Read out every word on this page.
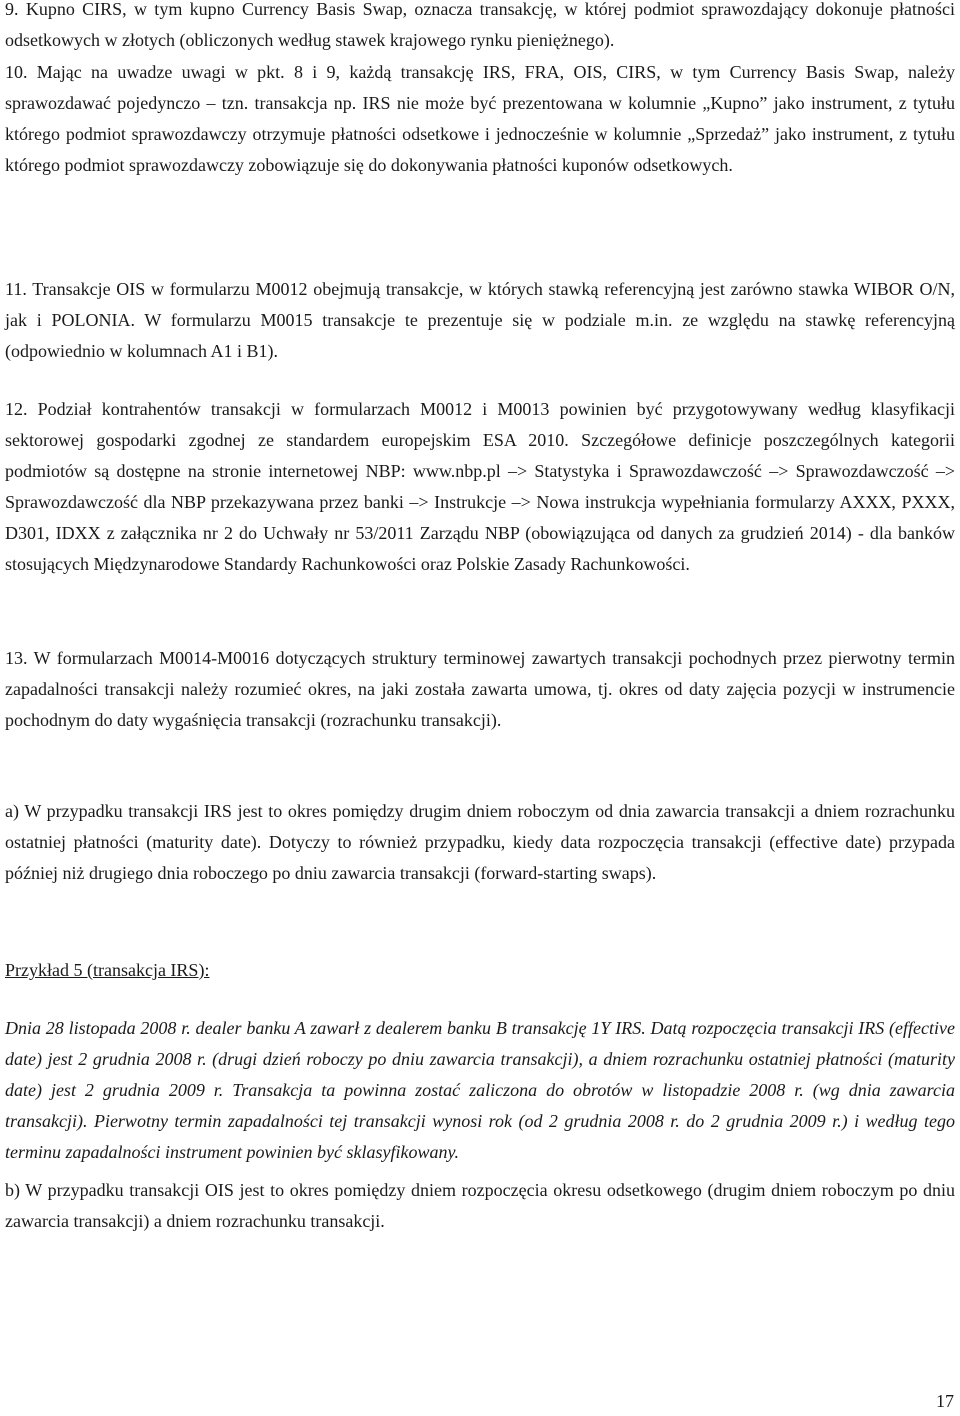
9. Kupno CIRS, w tym kupno Currency Basis Swap, oznacza transakcję, w której podmiot sprawozdający dokonuje płatności odsetkowych w złotych (obliczonych według stawek krajowego rynku pieniężnego).

10. Mając na uwadze uwagi w pkt. 8 i 9, każdą transakcję IRS, FRA, OIS, CIRS, w tym Currency Basis Swap, należy sprawozdawać pojedynczo – tzn. transakcja np. IRS nie może być prezentowana w kolumnie „Kupno” jako instrument, z tytułu którego podmiot sprawozdawczy otrzymuje płatności odsetkowe i jednocześnie w kolumnie „Sprzedaż” jako instrument, z tytułu którego podmiot sprawozdawczy zobowiązuje się do dokonywania płatności kuponów odsetkowych.

11. Transakcje OIS w formularzu M0012 obejmują transakcje, w których stawką referencyjną jest zarówno stawka WIBOR O/N, jak i POLONIA. W formularzu M0015 transakcje te prezentuje się w podziale m.in. ze względu na stawkę referencyjną (odpowiednio w kolumnach A1 i B1).

12. Podział kontrahentów transakcji w formularzach M0012 i M0013 powinien być przygotowywany według klasyfikacji sektorowej gospodarki zgodnej ze standardem europejskim ESA 2010. Szczegółowe definicje poszczególnych kategorii podmiotów są dostępne na stronie internetowej NBP: www.nbp.pl –> Statystyka i Sprawozdawczość –> Sprawozdawczość –> Sprawozdawczość dla NBP przekazywana przez banki –> Instrukcje –> Nowa instrukcja wypełniania formularzy AXXX, PXXX, D301, IDXX z załącznika nr 2 do Uchwały nr 53/2011 Zarządu NBP (obowiązująca od danych za grudzień 2014) - dla banków stosujących Międzynarodowe Standardy Rachunkowości oraz Polskie Zasady Rachunkowości.

13. W formularzach M0014-M0016 dotyczących struktury terminowej zawartych transakcji pochodnych przez pierwotny termin zapadalności transakcji należy rozumieć okres, na jaki została zawarta umowa, tj. okres od daty zajęcia pozycji w instrumencie pochodnym do daty wygaśnięcia transakcji (rozrachunku transakcji).

a) W przypadku transakcji IRS jest to okres pomiędzy drugim dniem roboczym od dnia zawarcia transakcji a dniem rozrachunku ostatniej płatności (maturity date). Dotyczy to również przypadku, kiedy data rozpoczęcia transakcji (effective date) przypada później niż drugiego dnia roboczego po dniu zawarcia transakcji (forward-starting swaps).

Przykład 5 (transakcja IRS):

Dnia 28 listopada 2008 r. dealer banku A zawarł z dealerem banku B transakcję 1Y IRS. Datą rozpoczęcia transakcji IRS (effective date) jest 2 grudnia 2008 r. (drugi dzień roboczy po dniu zawarcia transakcji), a dniem rozrachunku ostatniej płatności (maturity date) jest 2 grudnia 2009 r. Transakcja ta powinna zostać zaliczona do obrotów w listopadzie 2008 r. (wg dnia zawarcia transakcji). Pierwotny termin zapadalności tej transakcji wynosi rok (od 2 grudnia 2008 r. do 2 grudnia 2009 r.) i według tego terminu zapadalności instrument powinien być sklasyfikowany.

b) W przypadku transakcji OIS jest to okres pomiędzy dniem rozpoczęcia okresu odsetkowego (drugim dniem roboczym po dniu zawarcia transakcji) a dniem rozrachunku transakcji.

17
